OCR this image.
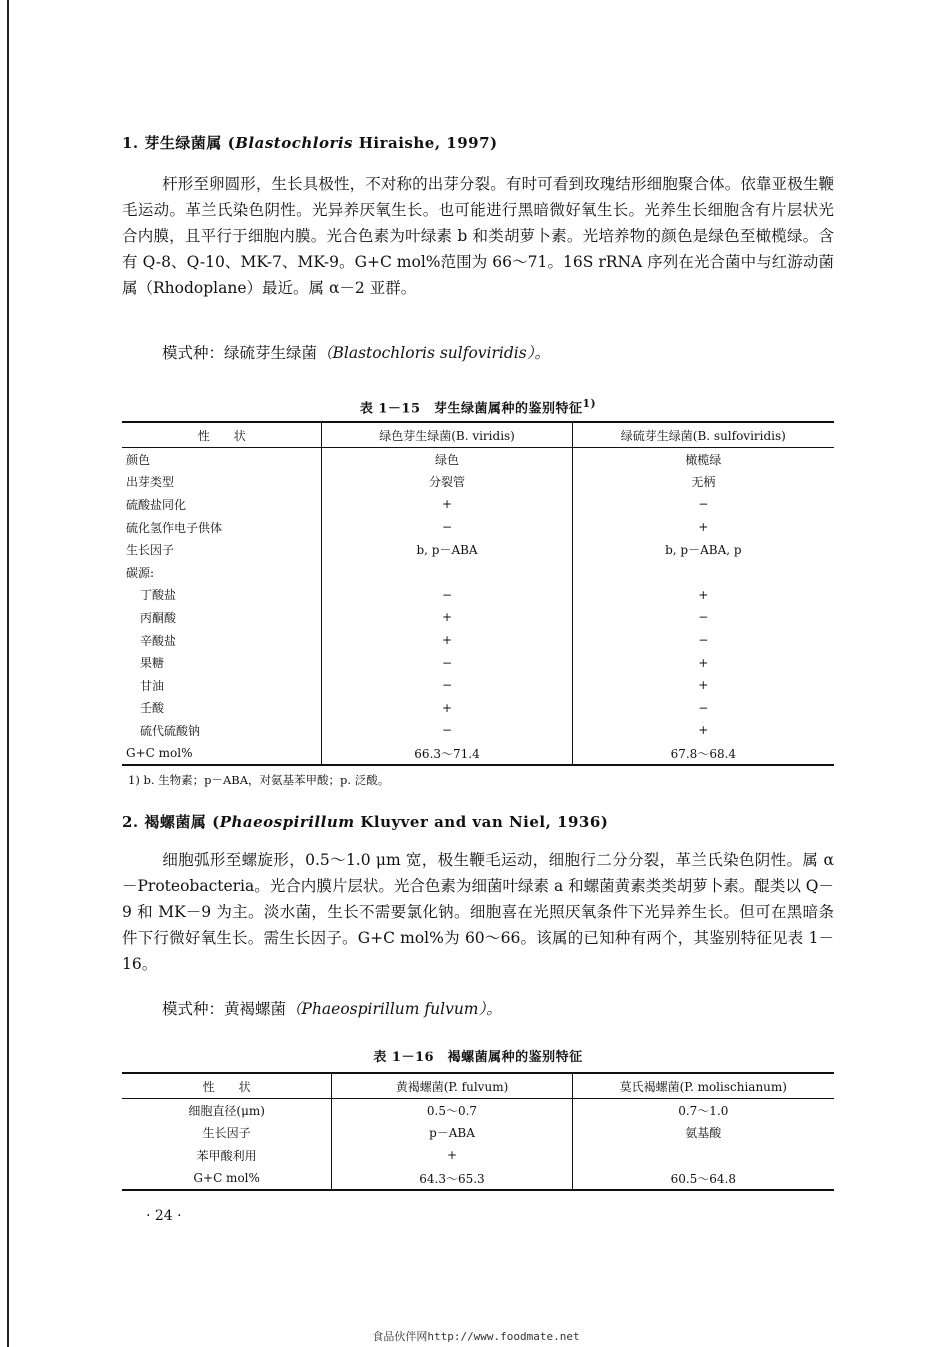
1. 芽生绿菌属 (Blastochloris Hiraishe, 1997)

杆形至卵圆形，生长具极性，不对称的出芽分裂。有时可看到玫瑰结形细胞聚合体。依靠亚极生鞭毛运动。革兰氏染色阴性。光异养厌氧生长。也可能进行黑暗微好氧生长。光养生长细胞含有片层状光合内膜，且平行于细胞内膜。光合色素为叶绿素 b 和类胡萝卜素。光培养物的颜色是绿色至橄榄绿。含有 Q-8、Q-10、MK-7、MK-9。G+C mol%范围为 66～71。16S rRNA 序列在光合菌中与红游动菌属（Rhodoplane）最近。属 α－2 亚群。

模式种：绿硫芽生绿菌（Blastochloris sulfoviridis）。
表 1－15　芽生绿菌属种的鉴别特征$^{1)}$
性　　状	绿色芽生绿菌(B. viridis)	绿硫芽生绿菌(B. sulfoviridis)
颜色	绿色	橄榄绿
出芽类型	分裂管	无柄
硫酸盐同化	+	−
硫化氢作电子供体	−	+
生长因子	b, p－ABA	b, p－ABA, p
碳源:		
丁酸盐	−	+
丙酮酸	+	−
辛酸盐	+	−
果糖	−	+
甘油	−	+
壬酸	+	−
硫代硫酸钠	−	+
G+C mol%	66.3～71.4	67.8～68.4
1) b. 生物素；p－ABA，对氨基苯甲酸；p. 泛酸。
2. 褐螺菌属 (Phaeospirillum Kluyver and van Niel, 1936)

细胞弧形至螺旋形，0.5～1.0 μm 宽，极生鞭毛运动，细胞行二分分裂，革兰氏染色阴性。属 α－Proteobacteria。光合内膜片层状。光合色素为细菌叶绿素 a 和螺菌黄素类类胡萝卜素。醌类以 Q－9 和 MK－9 为主。淡水菌，生长不需要氯化钠。细胞喜在光照厌氧条件下光异养生长。但可在黑暗条件下行微好氧生长。需生长因子。G+C mol%为 60～66。该属的已知种有两个，其鉴别特征见表 1－16。

模式种：黄褐螺菌（Phaeospirillum fulvum）。
表 1－16　褐螺菌属种的鉴别特征
性　　状	黄褐螺菌(P. fulvum)	莫氏褐螺菌(P. molischianum)
细胞直径(μm)	0.5～0.7	0.7～1.0
生长因子	p－ABA	氨基酸
苯甲酸利用	+	
G+C mol%	64.3～65.3	60.5～64.8
· 24 ·
食品伙伴网http://www.foodmate.net
